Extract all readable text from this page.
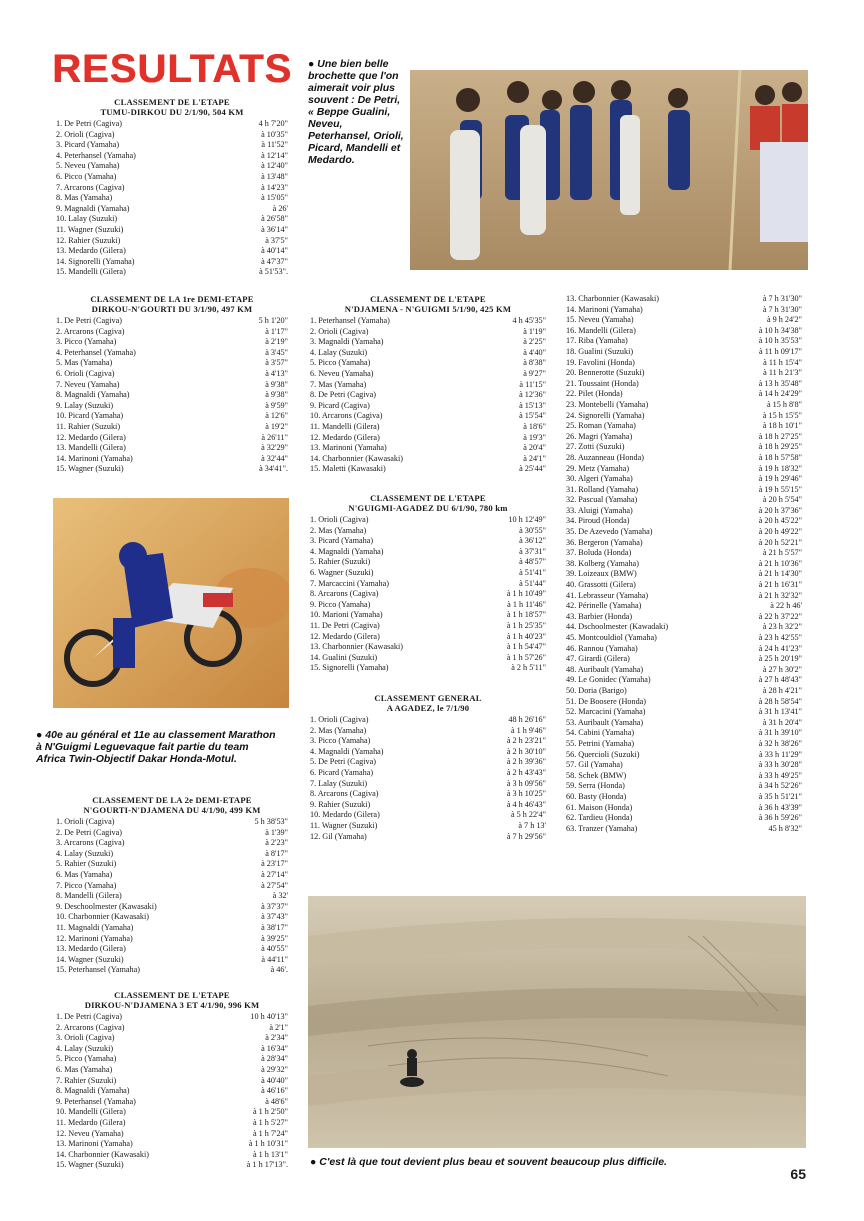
RESULTATS ● Une bien belle brochette que l'on aimerait voir plus souvent : De Petri, « Beppe Gualini, Neveu, Peterhansel, Orioli, Picard, Mandelli et Medardo.
CLASSEMENT DE L'ETAPE
TUMU-DIRKOU DU 2/1/90, 504 KM
1. De Petri (Cagiva)	4 h 7'20"
2. Orioli (Cagiva)	à 10'35"
3. Picard (Yamaha)	à 11'52"
4. Peterhansel (Yamaha)	à 12'14"
5. Neveu (Yamaha)	à 12'40"
6. Picco (Yamaha)	à 13'48"
7. Arcarons (Cagiva)	à 14'23"
8. Mas (Yamaha)	à 15'05"
9. Magnaldi (Yamaha)	à 26'
10. Lalay (Suzuki)	à 26'58"
11. Wagner (Suzuki)	à 36'14"
12. Rahier (Suzuki)	à 37'5"
13. Medardo (Gilera)	à 40'14"
14. Signorelli (Yamaha)	à 47'37"
15. Mandelli (Gilera)	à 51'53".
CLASSEMENT DE LA 1re DEMI-ETAPE
DIRKOU-N'GOURTI DU 3/1/90, 497 KM
1. De Petri (Cagiva)	5 h 1'20"
2. Arcarons (Cagiva)	à 1'17"
3. Picco (Yamaha)	à 2'19"
4. Peterhansel (Yamaha)	à 3'45"
5. Mas (Yamaha)	à 3'57"
6. Orioli (Cagiva)	à 4'13"
7. Neveu (Yamaha)	à 9'38"
8. Magnaldi (Yamaha)	à 9'38"
9. Lalay (Suzuki)	à 9'59"
10. Picard (Yamaha)	à 12'6"
11. Rahier (Suzuki)	à 19'2"
12. Medardo (Gilera)	à 26'11"
13. Mandelli (Gilera)	à 32'29"
14. Marinoni (Yamaha)	à 32'44"
15. Wagner (Suzuki)	à 34'41".
● 40e au général et 11e au classement Marathon à N'Guigmi Leguevaque fait partie du team Africa Twin-Objectif Dakar Honda-Motul.
CLASSEMENT DE LA 2e DEMI-ETAPE
N'GOURTI-N'DJAMENA DU 4/1/90, 499 KM
1. Orioli (Cagiva)	5 h 38'53"
2. De Petri (Cagiva)	à 1'39"
3. Arcarons (Cagiva)	à 2'23"
4. Lalay (Suzuki)	à 8'17"
5. Rahier (Suzuki)	à 23'17"
6. Mas (Yamaha)	à 27'14"
7. Picco (Yamaha)	à 27'54"
8. Mandelli (Gilera)	à 32'
9. Deschoolmester (Kawasaki)	à 37'37"
10. Charbonnier (Kawasaki)	à 37'43"
11. Magnaldi (Yamaha)	à 38'17"
12. Marinoni (Yamaha)	à 39'25"
13. Medardo (Gilera)	à 40'55"
14. Wagner (Suzuki)	à 44'11"
15. Peterhansel (Yamaha)	à 46'.
CLASSEMENT DE L'ETAPE
DIRKOU-N'DJAMENA 3 ET 4/1/90, 996 KM
1. De Petri (Cagiva)	10 h 40'13"
2. Arcarons (Cagiva)	à 2'1"
3. Orioli (Cagiva)	à 2'34"
4. Lalay (Suzuki)	à 16'34"
5. Picco (Yamaha)	à 28'34"
6. Mas (Yamaha)	à 29'32"
7. Rahier (Suzuki)	à 40'40"
8. Magnaldi (Yamaha)	à 46'16"
9. Peterhansel (Yamaha)	à 48'6"
10. Mandelli (Gilera)	à 1 h 2'50"
11. Medardo (Gilera)	à 1 h 5'27"
12. Neveu (Yamaha)	à 1 h 7'24"
13. Marinoni (Yamaha)	à 1 h 10'31"
14. Charbonnier (Kawasaki)	à 1 h 13'1"
15. Wagner (Suzuki)	à 1 h 17'13".
CLASSEMENT DE L'ETAPE
N'DJAMENA - N'GUIGMI 5/1/90, 425 KM
1. Peterhansel (Yamaha)	4 h 45'35"
2. Orioli (Cagiva)	à 1'19"
3. Magnaldi (Yamaha)	à 2'25"
4. Lalay (Suzuki)	à 4'40"
5. Picco (Yamaha)	à 8'38"
6. Neveu (Yamaha)	à 9'27"
7. Mas (Yamaha)	à 11'15"
8. De Petri (Cagiva)	à 12'36"
9. Picard (Cagiva)	à 15'13"
10. Arcarons (Cagiva)	à 15'54"
11. Mandelli (Gilera)	à 18'6"
12. Medardo (Gilera)	à 19'3"
13. Marinoni (Yamaha)	à 20'4"
14. Charbonnier (Kawasaki)	à 24'1"
15. Maletti (Kawasaki)	à 25'44"
CLASSEMENT DE L'ETAPE
N'GUIGMI-AGADEZ DU 6/1/90, 780 km
1. Orioli (Cagiva)	10 h 12'49"
2. Mas (Yamaha)	à 30'55"
3. Picard (Yamaha)	à 36'12"
4. Magnaldi (Yamaha)	à 37'31"
5. Rahier (Suzuki)	à 48'57"
6. Wagner (Suzuki)	à 51'41"
7. Marcaccini (Yamaha)	à 51'44"
8. Arcarons (Cagiva)	à 1 h 10'49"
9. Picco (Yamaha)	à 1 h 11'46"
10. Marioni (Yamaha)	à 1 h 18'57"
11. De Petri (Cagiva)	à 1 h 25'35"
12. Medardo (Gilera)	à 1 h 40'23"
13. Charbonnier (Kawasaki)	à 1 h 54'47"
14. Gualini (Suzuki)	à 1 h 57'26"
15. Signorelli (Yamaha)	à 2 h 5'11"
CLASSEMENT GENERAL
A AGADEZ, le 7/1/90
1. Orioli (Cagiva)	48 h 26'16"
2. Mas (Yamaha)	à 1 h 9'46"
3. Picco (Yamaha)	à 2 h 23'21"
4. Magnaldi (Yamaha)	à 2 h 30'10"
5. De Petri (Cagiva)	à 2 h 39'36"
6. Picard (Yamaha)	à 2 h 43'43"
7. Lalay (Suzuki)	à 3 h 09'56"
8. Arcarons (Cagiva)	à 3 h 10'25"
9. Rahier (Suzuki)	à 4 h 46'43"
10. Medardo (Gilera)	à 5 h 22'4"
11. Wagner (Suzuki)	à 7 h 13'
12. Gil (Yamaha)	à 7 h 29'56"
13. Charbonnier (Kawasaki)	à 7 h 31'30"
14. Marinoni (Yamaha)	à 7 h 31'30"
15. Neveu (Yamaha)	à 9 h 24'2"
16. Mandelli (Gilera)	à 10 h 34'38"
17. Riba (Yamaha)	à 10 h 35'53"
18. Gualini (Suzuki)	à 11 h 09'17"
19. Favolini (Honda)	à 11 h 15'4"
20. Bennerotte (Suzuki)	à 11 h 21'3"
21. Toussaint (Honda)	à 13 h 35'48"
22. Pilet (Honda)	à 14 h 24'29"
23. Montebelli (Yamaha)	à 15 h 8'8"
24. Signorelli (Yamaha)	à 15 h 15'5"
25. Roman (Yamaha)	à 18 h 10'1"
26. Magri (Yamaha)	à 18 h 27'25"
27. Zotti (Suzuki)	à 18 h 29'25"
28. Auzanneau (Honda)	à 18 h 57'58"
29. Metz (Yamaha)	à 19 h 18'32"
30. Algeri (Yamaha)	à 19 h 29'46"
31. Rolland (Yamaha)	à 19 h 55'15"
32. Pascual (Yamaha)	à 20 h 5'54"
33. Aluigi (Yamaha)	à 20 h 37'36"
34. Piroud (Honda)	à 20 h 45'22"
35. De Azevedo (Yamaha)	à 20 h 49'22"
36. Bergeron (Yamaha)	à 20 h 52'21"
37. Boluda (Honda)	à 21 h 5'57"
38. Kolberg (Yamaha)	à 21 h 10'36"
39. Loizeaux (BMW)	à 21 h 14'30"
40. Grassotti (Gilera)	à 21 h 16'31"
41. Lebrasseur (Yamaha)	à 21 h 32'32"
42. Périnelle (Yamaha)	à 22 h 46'
43. Barbier (Honda)	à 22 h 37'22"
44. Dschoolmester (Kawadaki)	à 23 h 32'2"
45. Montcouldiol (Yamaha)	à 23 h 42'55"
46. Rannou (Yamaha)	à 24 h 41'23"
47. Girardi (Gilera)	à 25 h 20'19"
48. Auribault (Yamaha)	à 27 h 30'2"
49. Le Gonidec (Yamaha)	à 27 h 48'43"
50. Doria (Barigo)	à 28 h 4'21"
51. De Boosere (Honda)	à 28 h 58'54"
52. Marcacini (Yamaha)	à 31 h 13'41"
53. Auribault (Yamaha)	à 31 h 20'4"
54. Cabini (Yamaha)	à 31 h 39'10"
55. Petrini (Yamaha)	à 32 h 38'26"
56. Quercioli (Suzuki)	à 33 h 11'29"
57. Gil (Yamaha)	à 33 h 30'28"
58. Schek (BMW)	à 33 h 49'25"
59. Serra (Honda)	à 34 h 52'26"
60. Basty (Honda)	à 35 h 51'21"
61. Maison (Honda)	à 36 h 43'39"
62. Tardieu (Honda)	à 36 h 59'26"
63. Tranzer (Yamaha)	45 h 8'32"
● C'est là que tout devient plus beau et souvent beaucoup plus difficile.
65
